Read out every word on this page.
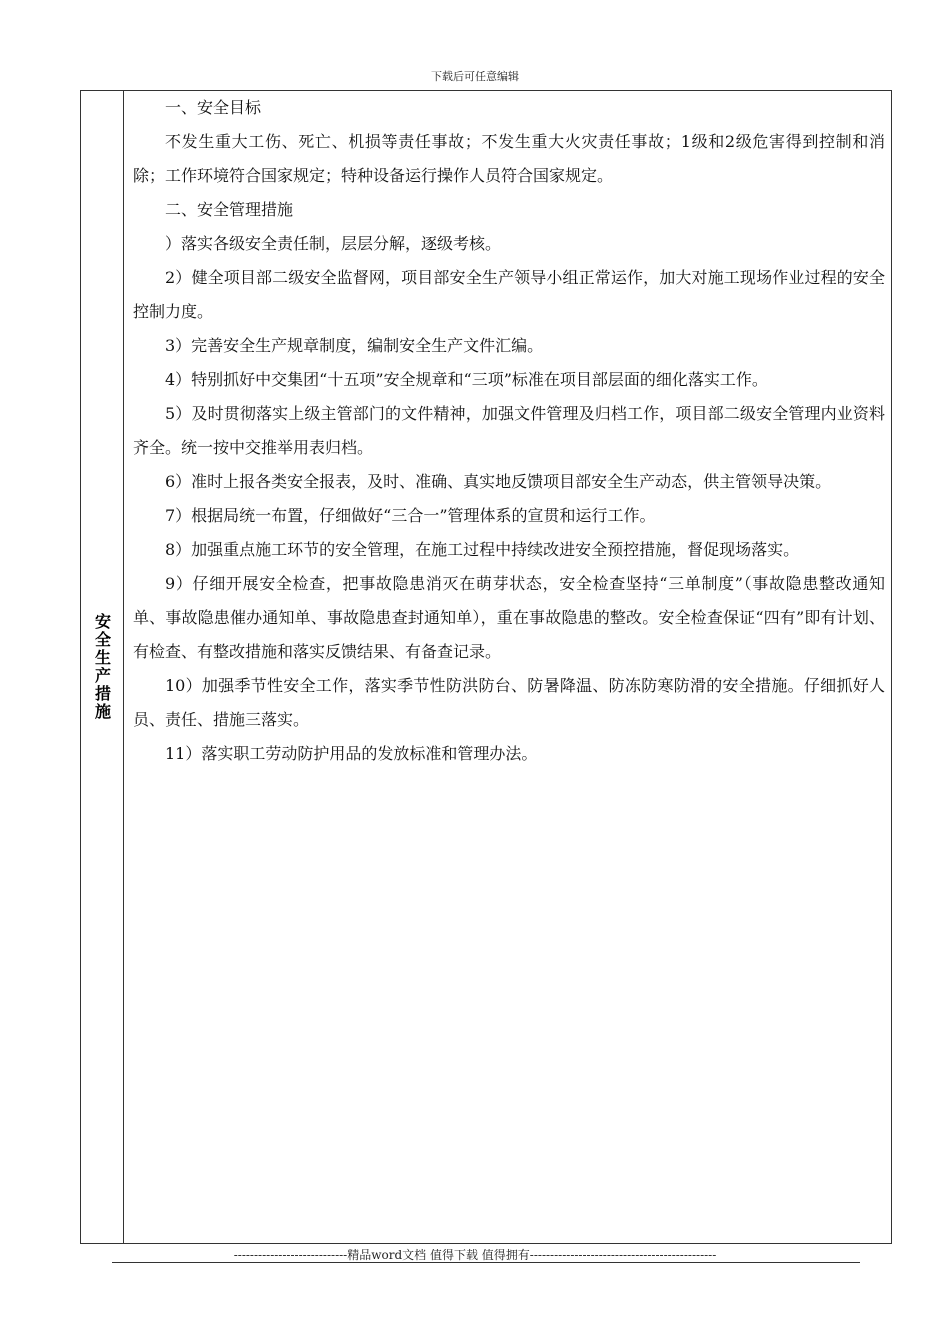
下载后可任意编辑
安全生产措施

一、安全目标

不发生重大工伤、死亡、机损等责任事故；不发生重大火灾责任事故；1级和2级危害得到控制和消除；工作环境符合国家规定；特种设备运行操作人员符合国家规定。

二、安全管理措施

）落实各级安全责任制，层层分解，逐级考核。

2）健全项目部二级安全监督网，项目部安全生产领导小组正常运作，加大对施工现场作业过程的安全控制力度。

3）完善安全生产规章制度，编制安全生产文件汇编。

4）特别抓好中交集团“十五项”安全规章和“三项”标准在项目部层面的细化落实工作。

5）及时贯彻落实上级主管部门的文件精神，加强文件管理及归档工作，项目部二级安全管理内业资料齐全。统一按中交推举用表归档。

6）准时上报各类安全报表，及时、准确、真实地反馈项目部安全生产动态，供主管领导决策。

7）根据局统一布置，仔细做好“三合一”管理体系的宣贯和运行工作。

8）加强重点施工环节的安全管理，在施工过程中持续改进安全预控措施，督促现场落实。

9）仔细开展安全检查，把事故隐患消灭在萌芽状态，安全检查坚持“三单制度”（事故隐患整改通知单、事故隐患催办通知单、事故隐患查封通知单），重在事故隐患的整改。安全检查保证“四有”即有计划、有检查、有整改措施和落实反馈结果、有备查记录。

10）加强季节性安全工作，落实季节性防洪防台、防暑降温、防冻防寒防滑的安全措施。仔细抓好人员、责任、措施三落实。

11）落实职工劳动防护用品的发放标准和管理办法。

----------------------------精品word文档 值得下载 值得拥有----------------------------------------------
